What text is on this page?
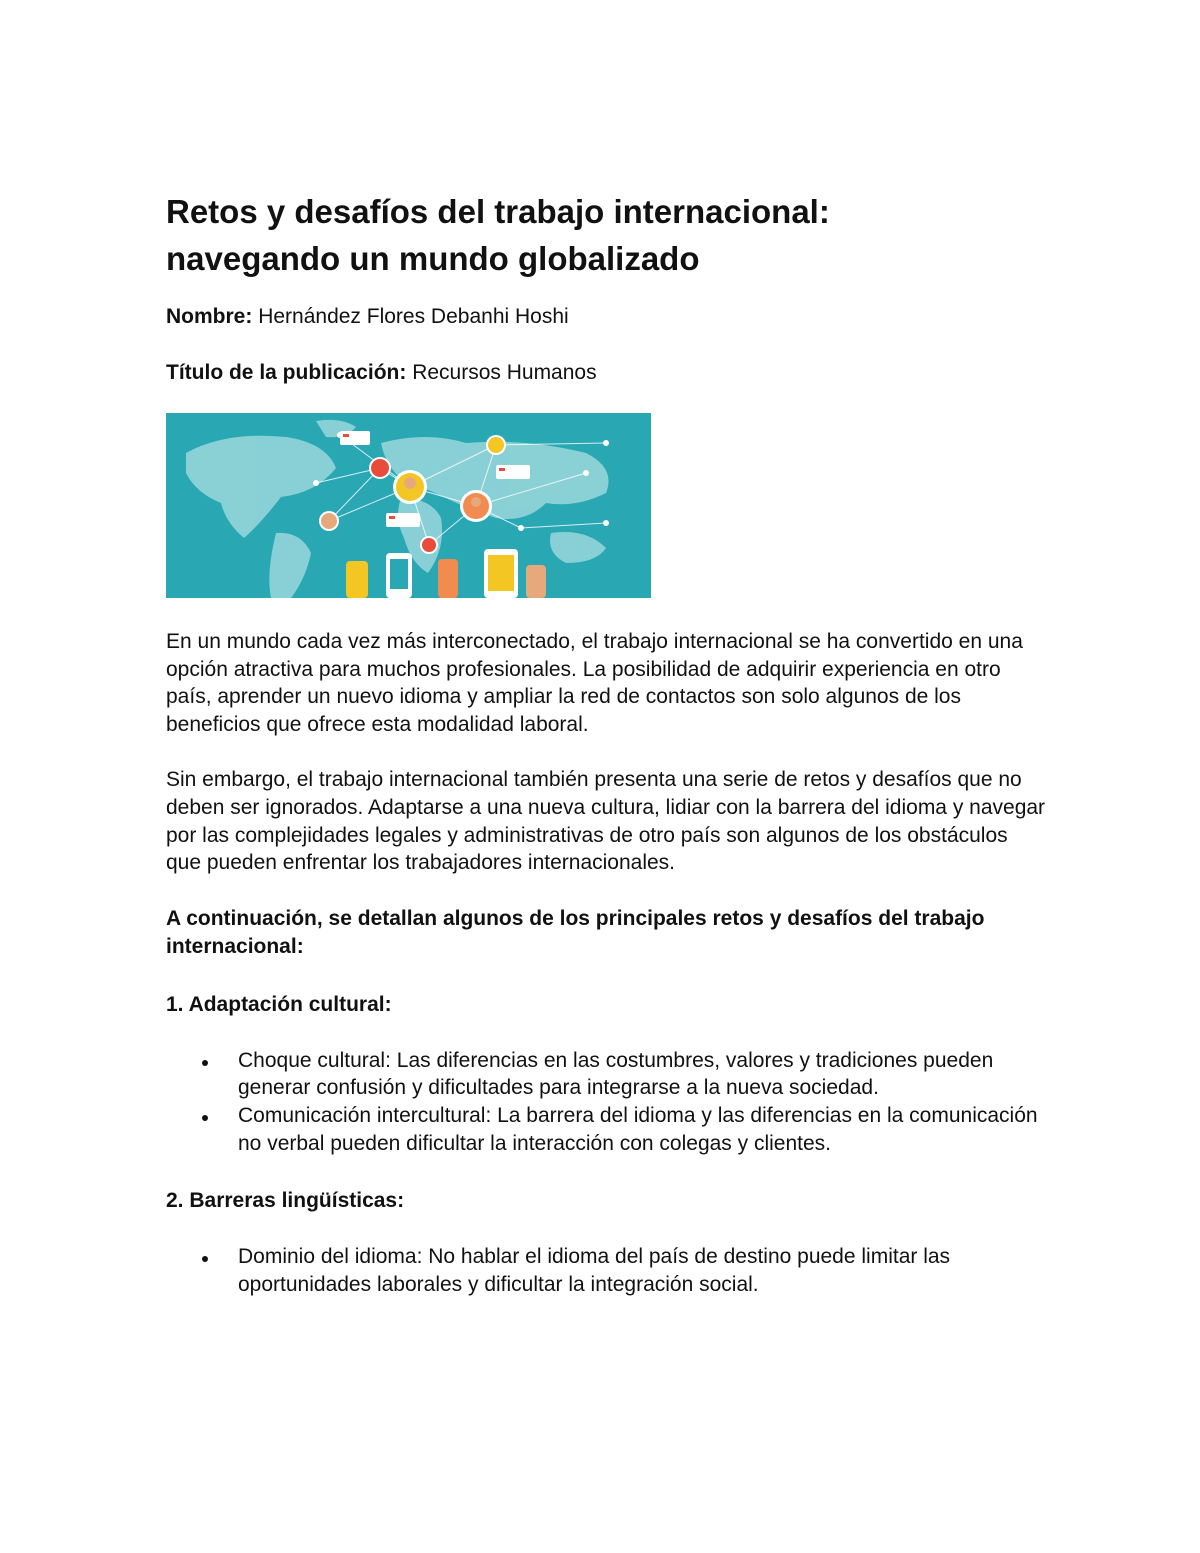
Retos y desafíos del trabajo internacional:
navegando un mundo globalizado

Nombre: Hernández Flores Debanhi Hoshi

Título de la publicación: Recursos Humanos

En un mundo cada vez más interconectado, el trabajo internacional se ha convertido en una opción atractiva para muchos profesionales. La posibilidad de adquirir experiencia en otro país, aprender un nuevo idioma y ampliar la red de contactos son solo algunos de los beneficios que ofrece esta modalidad laboral.

Sin embargo, el trabajo internacional también presenta una serie de retos y desafíos que no deben ser ignorados. Adaptarse a una nueva cultura, lidiar con la barrera del idioma y navegar por las complejidades legales y administrativas de otro país son algunos de los obstáculos que pueden enfrentar los trabajadores internacionales.

A continuación, se detallan algunos de los principales retos y desafíos del trabajo internacional:

1. Adaptación cultural:

Choque cultural: Las diferencias en las costumbres, valores y tradiciones pueden generar confusión y dificultades para integrarse a la nueva sociedad.
Comunicación intercultural: La barrera del idioma y las diferencias en la comunicación no verbal pueden dificultar la interacción con colegas y clientes.

2. Barreras lingüísticas:

Dominio del idioma: No hablar el idioma del país de destino puede limitar las oportunidades laborales y dificultar la integración social.
